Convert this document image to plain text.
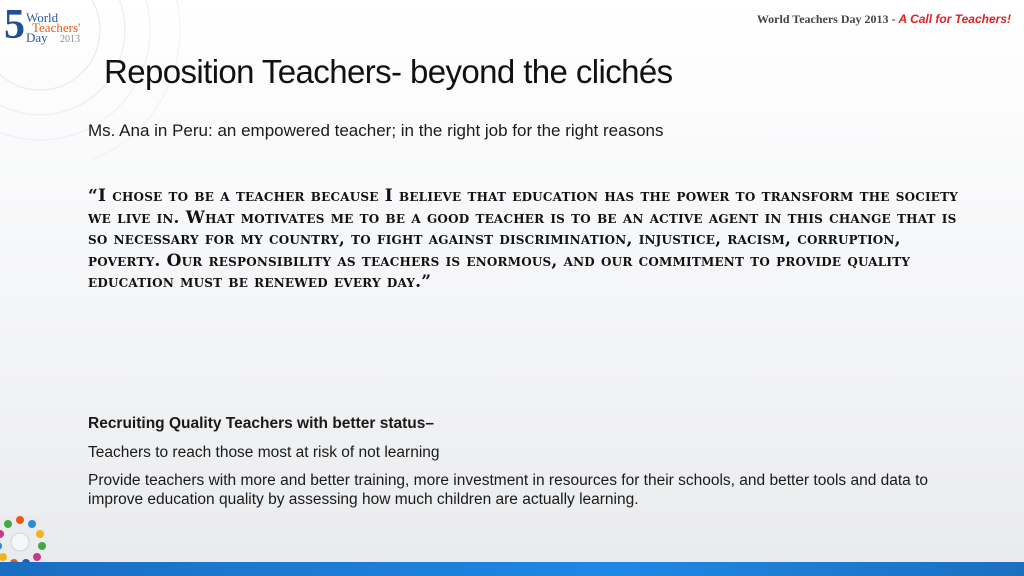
5 World
Teachers'
Day 2013
World Teachers Day 2013 - A Call for Teachers!
Reposition Teachers- beyond the clichés
Ms. Ana in Peru: an empowered teacher; in the right job for the right reasons
“I chose to be a teacher because I believe that education has the power to transform the society we live in. What motivates me to be a good teacher is to be an active agent in this change that is so necessary for my country, to fight against discrimination, injustice, racism, corruption, poverty. Our responsibility as teachers is enormous, and our commitment to provide quality education must be renewed every day.”
Recruiting Quality Teachers with better status–
Teachers to reach those most at risk of not learning
Provide teachers with more and better training, more investment in resources for their schools, and better tools and data to improve education quality by assessing how much children are actually learning.
